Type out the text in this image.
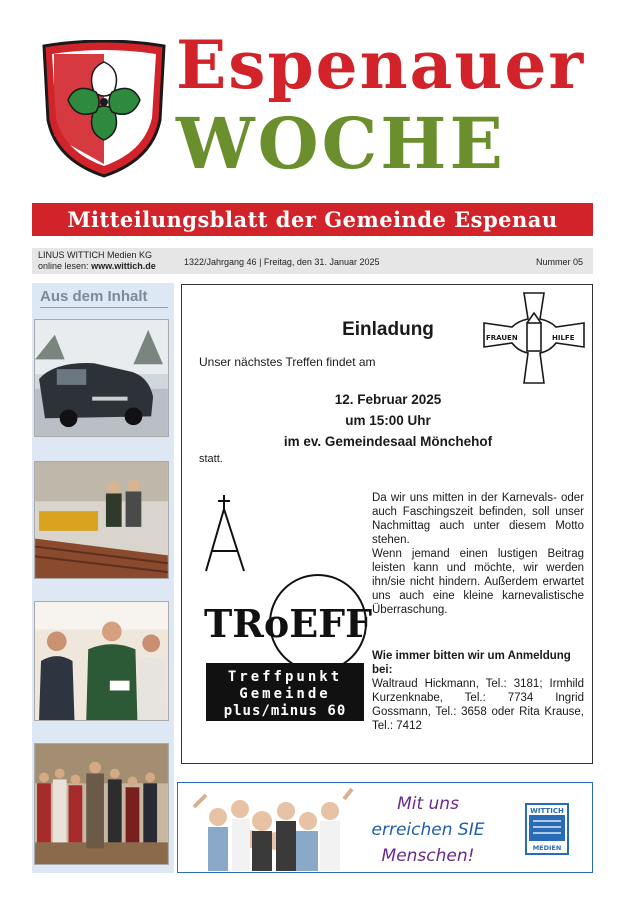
Espenauer
WOCHE
Mitteilungsblatt der Gemeinde Espenau
LINUS WITTICH Medien KG
online lesen: www.wittich.de	1322/Jahrgang 46 | Freitag, den 31. Januar 2025	Nummer 05
Aus dem Inhalt
FRAUEN	HILFE
Einladung
Unser nächstes Treffen findet am
12. Februar 2025
um 15:00 Uhr
im ev. Gemeindesaal Mönchehof
statt.
TRoEFF
Treffpunkt
Gemeinde
plus/minus 60

Da wir uns mitten in der Karnevals- oder auch Faschingszeit befinden, soll unser Nachmittag auch unter diesem Motto stehen.

Wenn jemand einen lustigen Beitrag leisten kann und möchte, wir werden ihn/sie nicht hindern. Außerdem erwartet uns auch eine kleine karnevalistische Überraschung.

Wie immer bitten wir um Anmeldung bei:
Waltraud Hickmann, Tel.: 3181; Irmhild Kurzenknabe, Tel.: 7734 Ingrid Gossmann, Tel.: 3658 oder Rita Krause, Tel.: 7412
Mit uns
erreichen SIE
Menschen!
WITTICH
MEDIEN
